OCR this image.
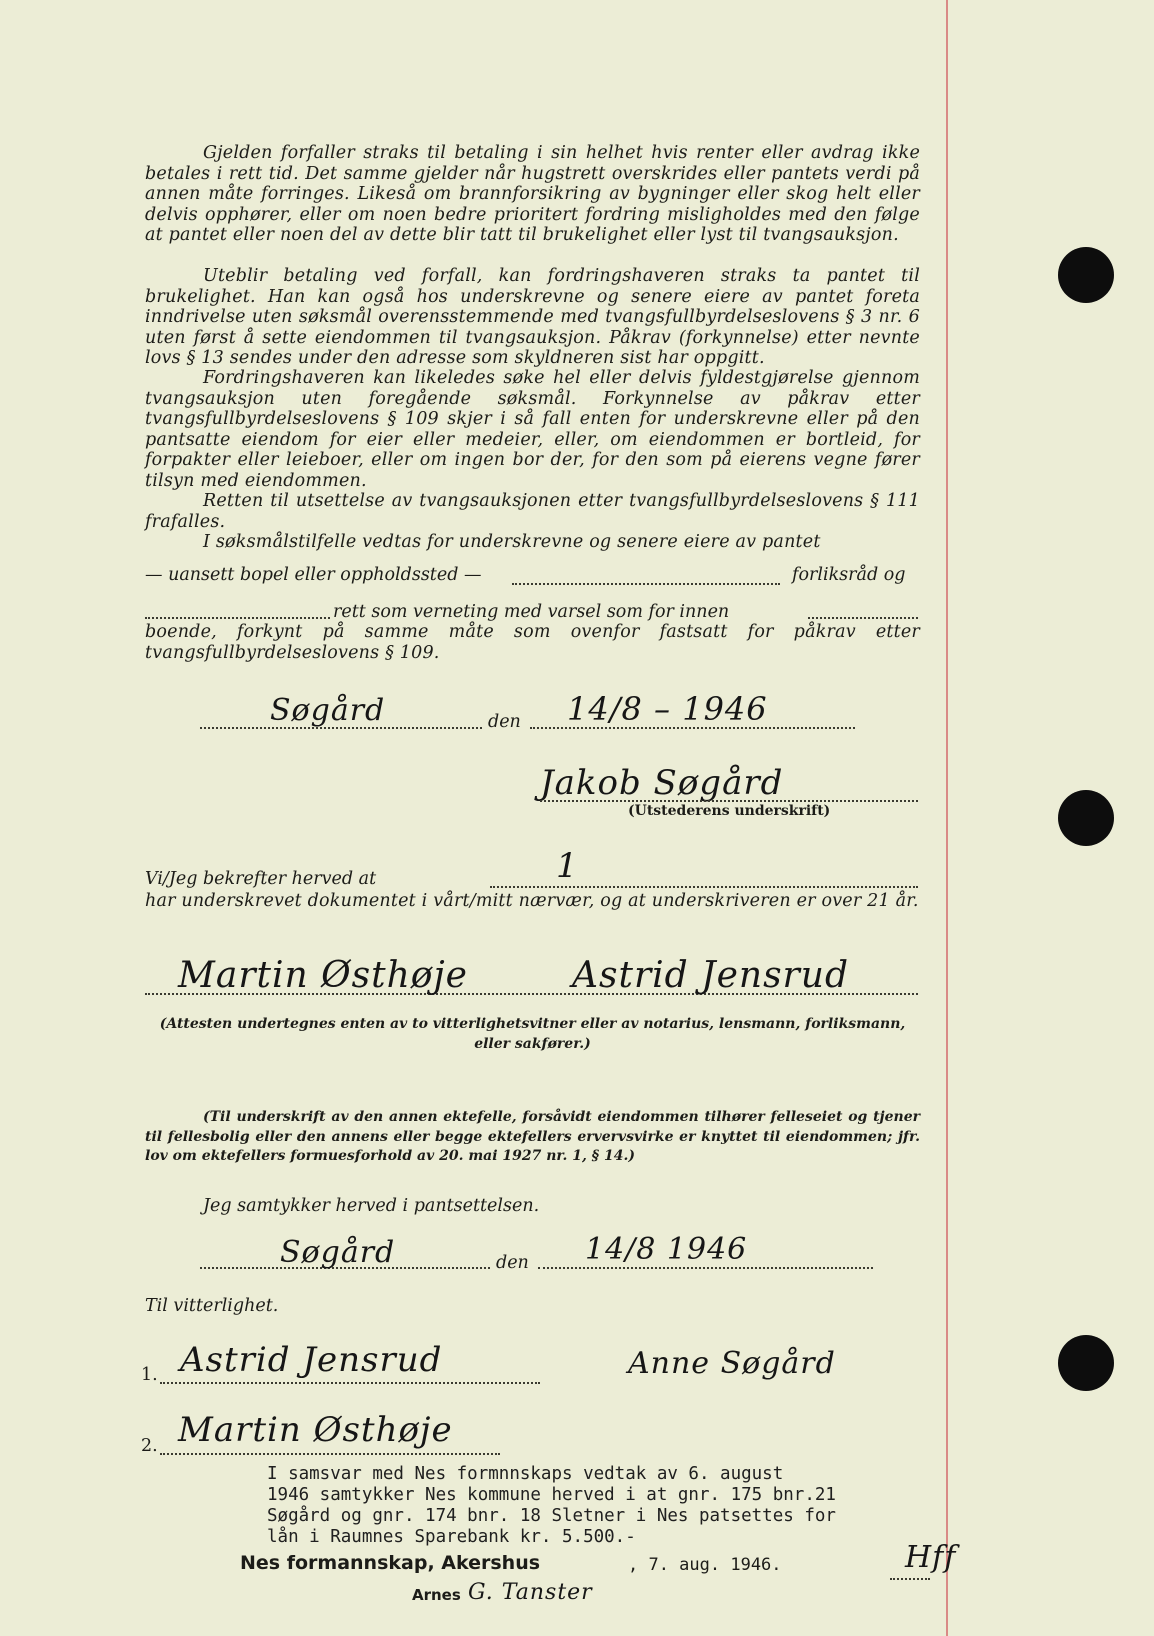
Gjelden forfaller straks til betaling i sin helhet hvis renter eller avdrag ikke betales i rett tid. Det samme gjelder når hugstrett overskrides eller pantets verdi på annen måte forringes. Likeså om brannforsikring av bygninger eller skog helt eller delvis opphører, eller om noen bedre prioritert fordring misligholdes med den følge at pantet eller noen del av dette blir tatt til brukelighet eller lyst til tvangsauksjon.
Uteblir betaling ved forfall, kan fordringshaveren straks ta pantet til brukelighet. Han kan også hos underskrevne og senere eiere av pantet foreta inndrivelse uten søksmål overensstemmende med tvangsfullbyrdelseslovens § 3 nr. 6 uten først å sette eiendommen til tvangsauksjon. Påkrav (forkynnelse) etter nevnte lovs § 13 sendes under den adresse som skyldneren sist har oppgitt.
Fordringshaveren kan likeledes søke hel eller delvis fyldestgjørelse gjennom tvangsauksjon uten foregående søksmål. Forkynnelse av påkrav etter tvangsfullbyrdelseslovens § 109 skjer i så fall enten for underskrevne eller på den pantsatte eiendom for eier eller medeier, eller, om eiendommen er bortleid, for forpakter eller leieboer, eller om ingen bor der, for den som på eierens vegne fører tilsyn med eiendommen.
Retten til utsettelse av tvangsauksjonen etter tvangsfullbyrdelseslovens § 111 frafalles.
I søksmålstilfelle vedtas for underskrevne og senere eiere av pantet
— uansett bopel eller oppholdssted —	forliksråd og
rett som verneting med varsel som for innen
boende, forkynt på samme måte som ovenfor fastsatt for påkrav etter tvangsfullbyrdelseslovens § 109.
Søgård	den 14/8 – 1946
Jakob Søgård
(Utstederens underskrift)
Vi/Jeg bekrefter herved at	1
har underskrevet dokumentet i vårt/mitt nærvær, og at underskriveren er over 21 år.
Martin Østhøje	Astrid Jensrud
(Attesten undertegnes enten av to vitterlighetsvitner eller av notarius, lensmann, forliksmann, eller sakfører.)
(Til underskrift av den annen ektefelle, forsåvidt eiendommen tilhører felleseiet og tjener til fellesbolig eller den annens eller begge ektefellers ervervsvirke er knyttet til eiendommen; jfr. lov om ektefellers formuesforhold av 20. mai 1927 nr. 1, § 14.)
Jeg samtykker herved i pantsettelsen.
Søgård	den 14/8 1946
Til vitterlighet.
1. Astrid Jensrud	Anne Søgård
2. Martin Østhøje
I samsvar med Nes formnnskaps vedtak av 6. august
1946 samtykker Nes kommune herved i at gnr. 175 bnr.21
Søgård og gnr. 174 bnr. 18 Sletner i Nes patsettes for
lån i Raumnes Sparebank kr. 5.500.-
Nes formannskap, Akershus	, 7. aug. 1946.
Arnes G. Tanster
Hff
